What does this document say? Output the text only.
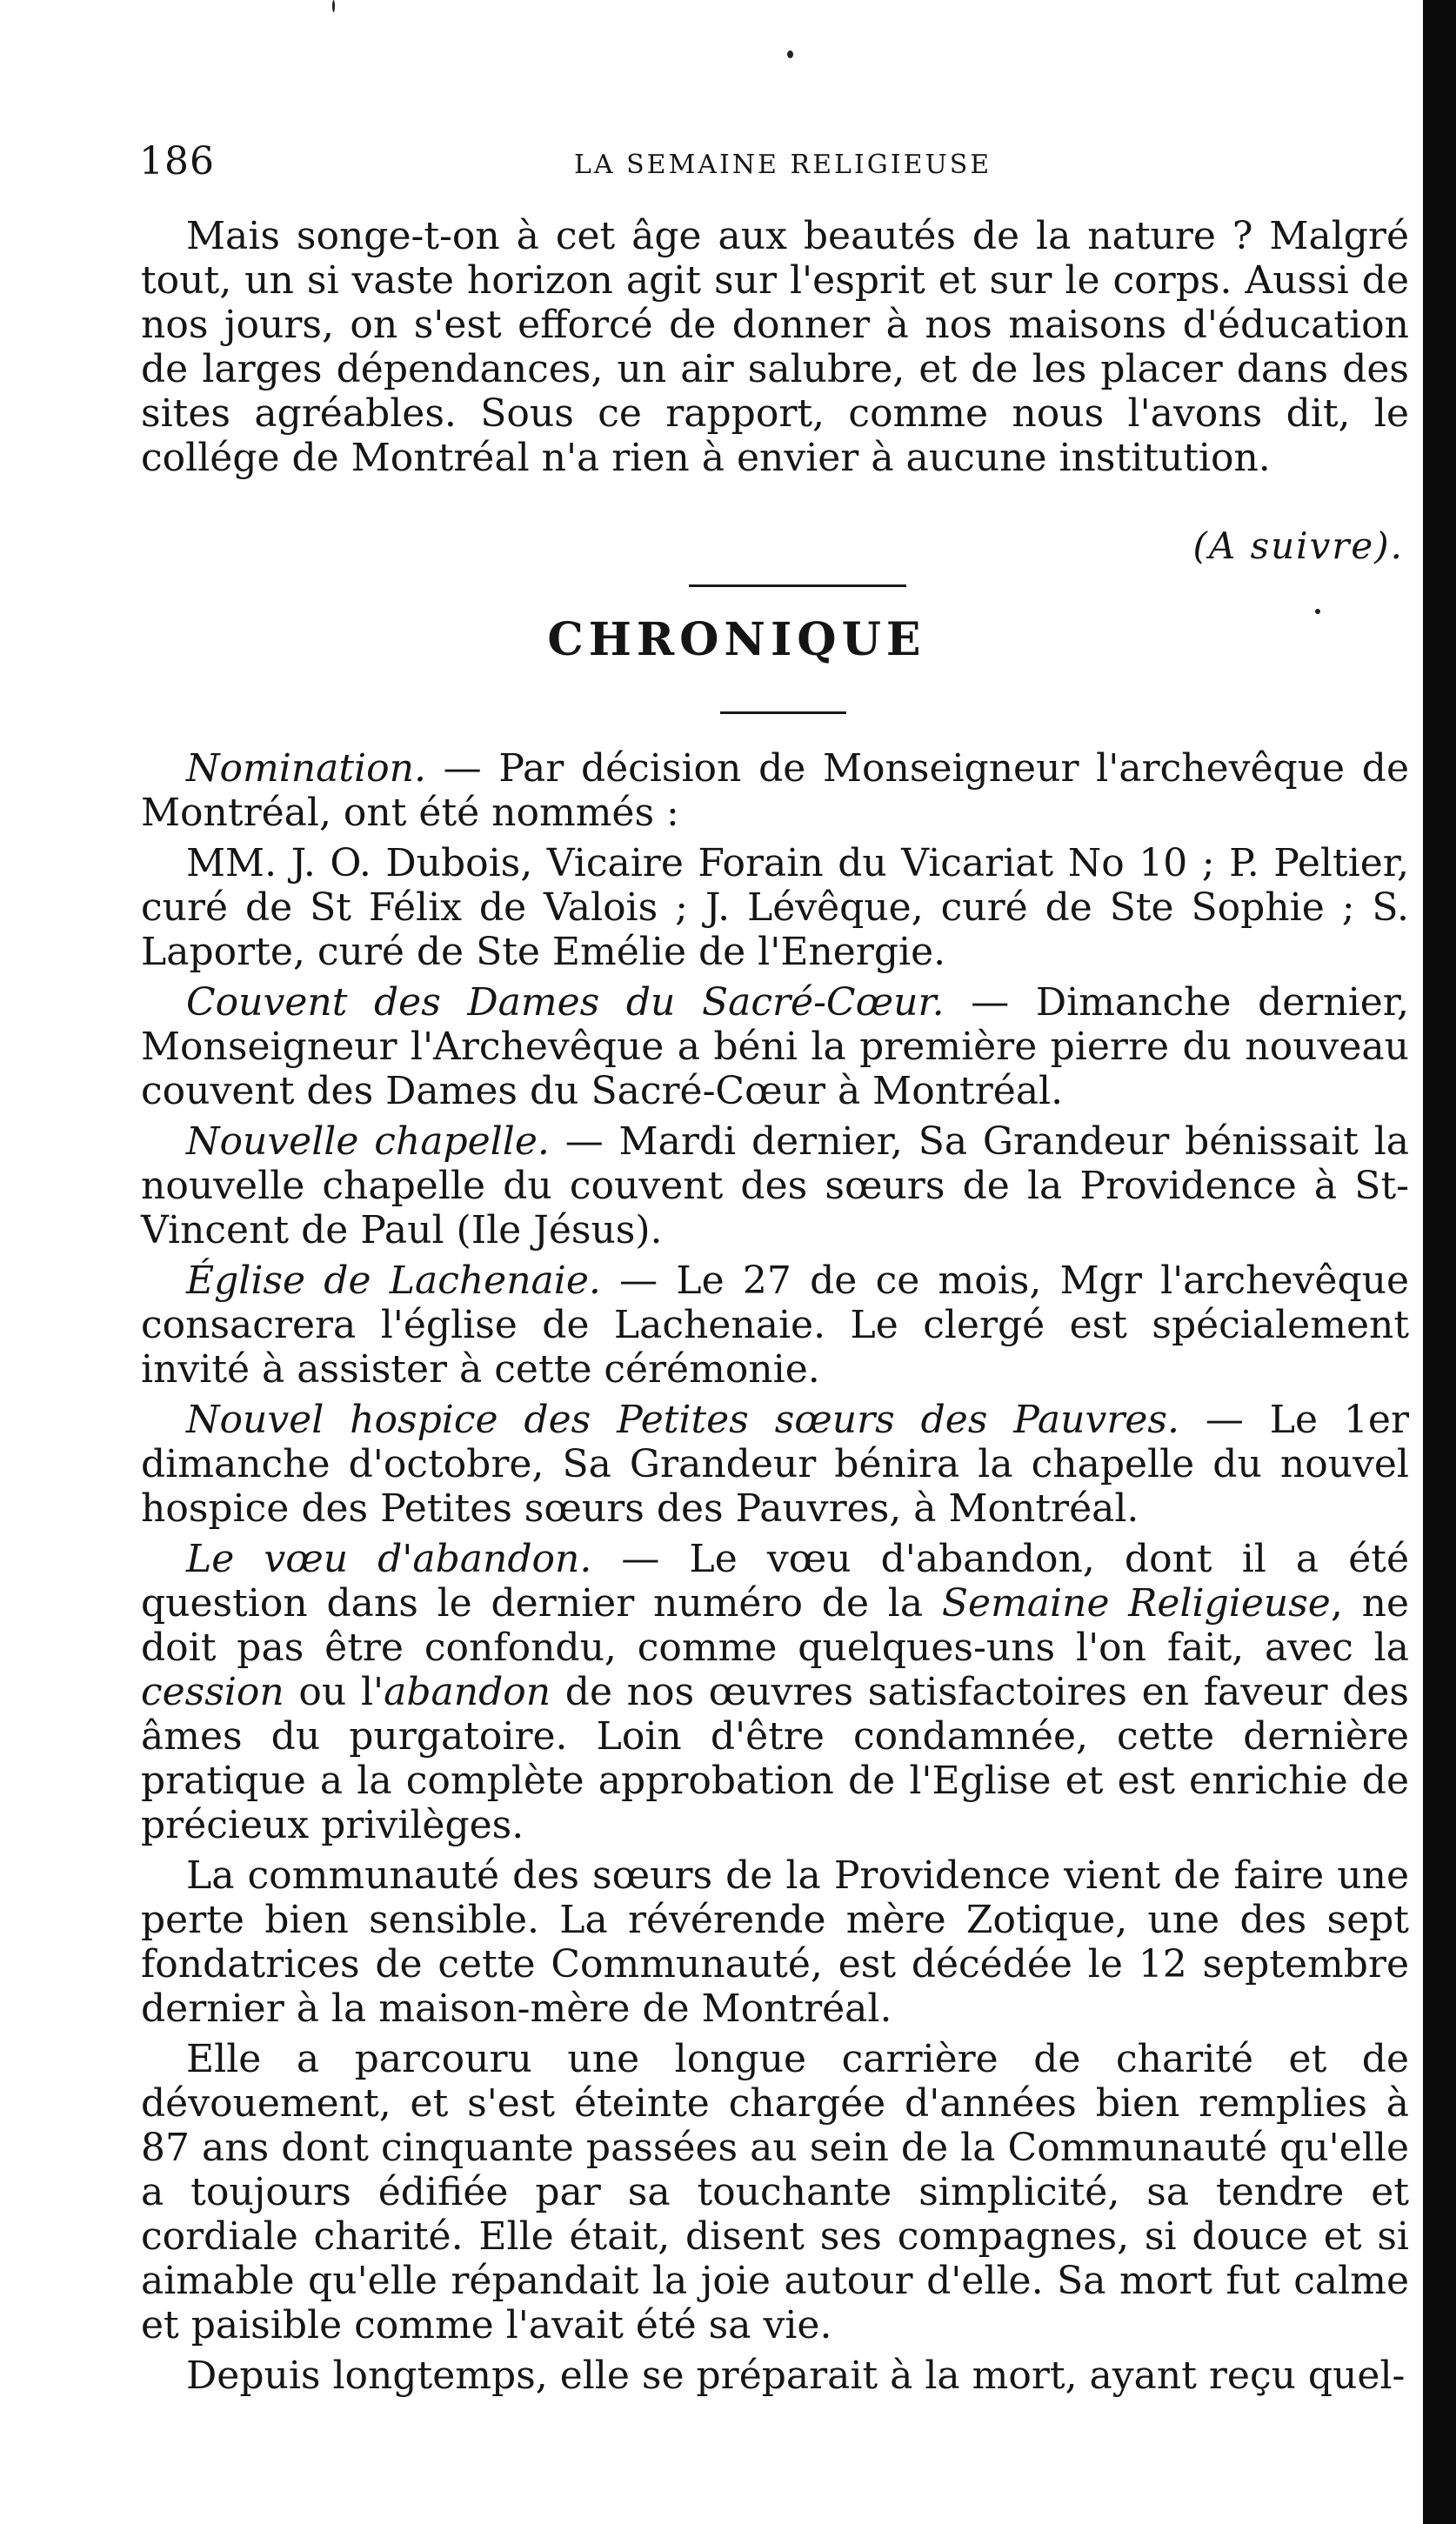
186	LA SEMAINE RELIGIEUSE

Mais songe-t-on à cet âge aux beautés de la nature ? Malgré tout, un si vaste horizon agit sur l'esprit et sur le corps. Aussi de nos jours, on s'est efforcé de donner à nos maisons d'éducation de larges dépendances, un air salubre, et de les placer dans des sites agréables. Sous ce rapport, comme nous l'avons dit, le collége de Montréal n'a rien à envier à aucune institution.

(A suivre).
CHRONIQUE

Nomination. — Par décision de Monseigneur l'archevêque de Montréal, ont été nommés :

MM. J. O. Dubois, Vicaire Forain du Vicariat No 10 ; P. Peltier, curé de St Félix de Valois ; J. Lévêque, curé de Ste Sophie ; S. Laporte, curé de Ste Emélie de l'Energie.

Couvent des Dames du Sacré-Cœur. — Dimanche dernier, Monseigneur l'Archevêque a béni la première pierre du nouveau couvent des Dames du Sacré-Cœur à Montréal.

Nouvelle chapelle. — Mardi dernier, Sa Grandeur bénissait la nouvelle chapelle du couvent des sœurs de la Providence à St-Vincent de Paul (Ile Jésus).

Église de Lachenaie. — Le 27 de ce mois, Mgr l'archevêque consacrera l'église de Lachenaie. Le clergé est spécialement invité à assister à cette cérémonie.

Nouvel hospice des Petites sœurs des Pauvres. — Le 1er dimanche d'octobre, Sa Grandeur bénira la chapelle du nouvel hospice des Petites sœurs des Pauvres, à Montréal.

Le vœu d'abandon. — Le vœu d'abandon, dont il a été question dans le dernier numéro de la Semaine Religieuse, ne doit pas être confondu, comme quelques-uns l'on fait, avec la cession ou l'abandon de nos œuvres satisfactoires en faveur des âmes du purgatoire. Loin d'être condamnée, cette dernière pratique a la complète approbation de l'Eglise et est enrichie de précieux privilèges.

La communauté des sœurs de la Providence vient de faire une perte bien sensible. La révérende mère Zotique, une des sept fondatrices de cette Communauté, est décédée le 12 septembre dernier à la maison-mère de Montréal.

Elle a parcouru une longue carrière de charité et de dévouement, et s'est éteinte chargée d'années bien remplies à 87 ans dont cinquante passées au sein de la Communauté qu'elle a toujours édifiée par sa touchante simplicité, sa tendre et cordiale charité. Elle était, disent ses compagnes, si douce et si aimable qu'elle répandait la joie autour d'elle. Sa mort fut calme et paisible comme l'avait été sa vie.

Depuis longtemps, elle se préparait à la mort, ayant reçu quel-
